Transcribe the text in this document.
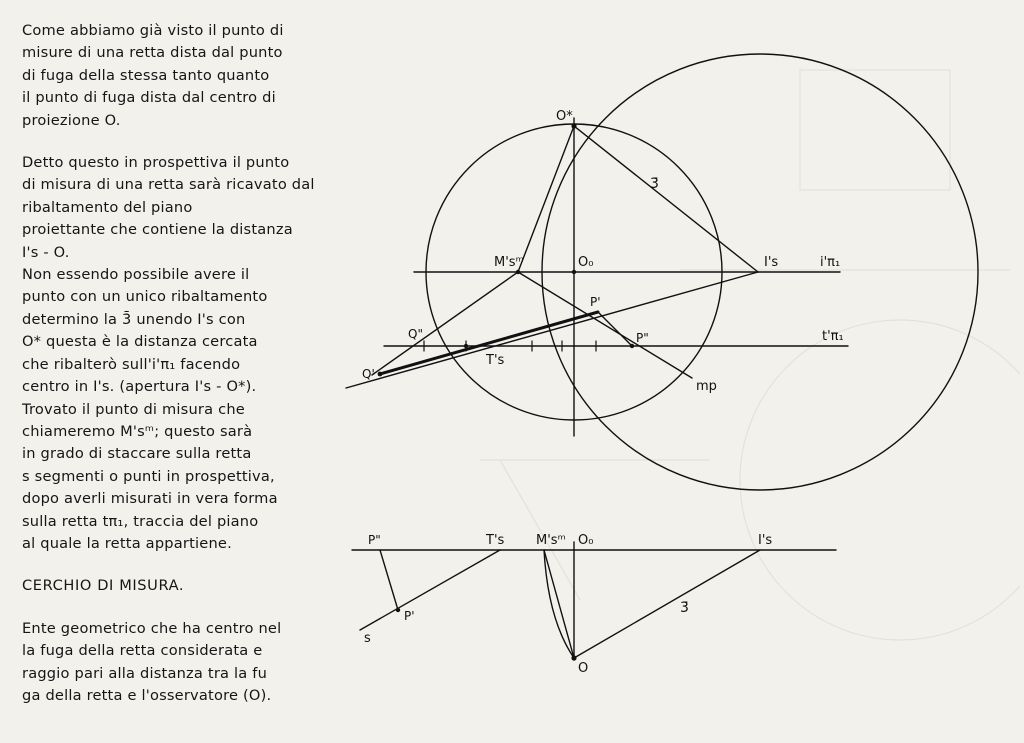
Come abbiamo già visto il punto di
misure di una retta dista dal punto
di fuga della stessa tanto quanto
il punto di fuga dista dal centro di
proiezione O.
Detto questo in prospettiva il punto
di misura di una retta sarà ricavato dal ribaltamento del piano
proiettante che contiene la distanza
I's - O.
Non essendo possibile avere il
punto con un unico ribaltamento
determino la 3̄ unendo I's con
O* questa è la distanza cercata
che ribalterò sull'i'π₁ facendo
centro in I's. (apertura I's - O*).
Trovato il punto di misura che
chiameremo M'sᵐ; questo sarà
in grado di staccare sulla retta
s segmenti o punti in prospettiva,
dopo averli misurati in vera forma
sulla retta tπ₁, traccia del piano
al quale la retta appartiene.
CERCHIO DI MISURA.
Ente geometrico che ha centro nel
la fuga della retta considerata e
raggio pari alla distanza tra la fu
ga della retta e l'osservatore (O).
O*
3̄
M'sᵐ	O₀	I's	i'π₁
P'
Q"	P"	t'π₁
Q'
T's
mp
P"	T's M'sᵐ O₀	I's
P'
s
3̄
O
